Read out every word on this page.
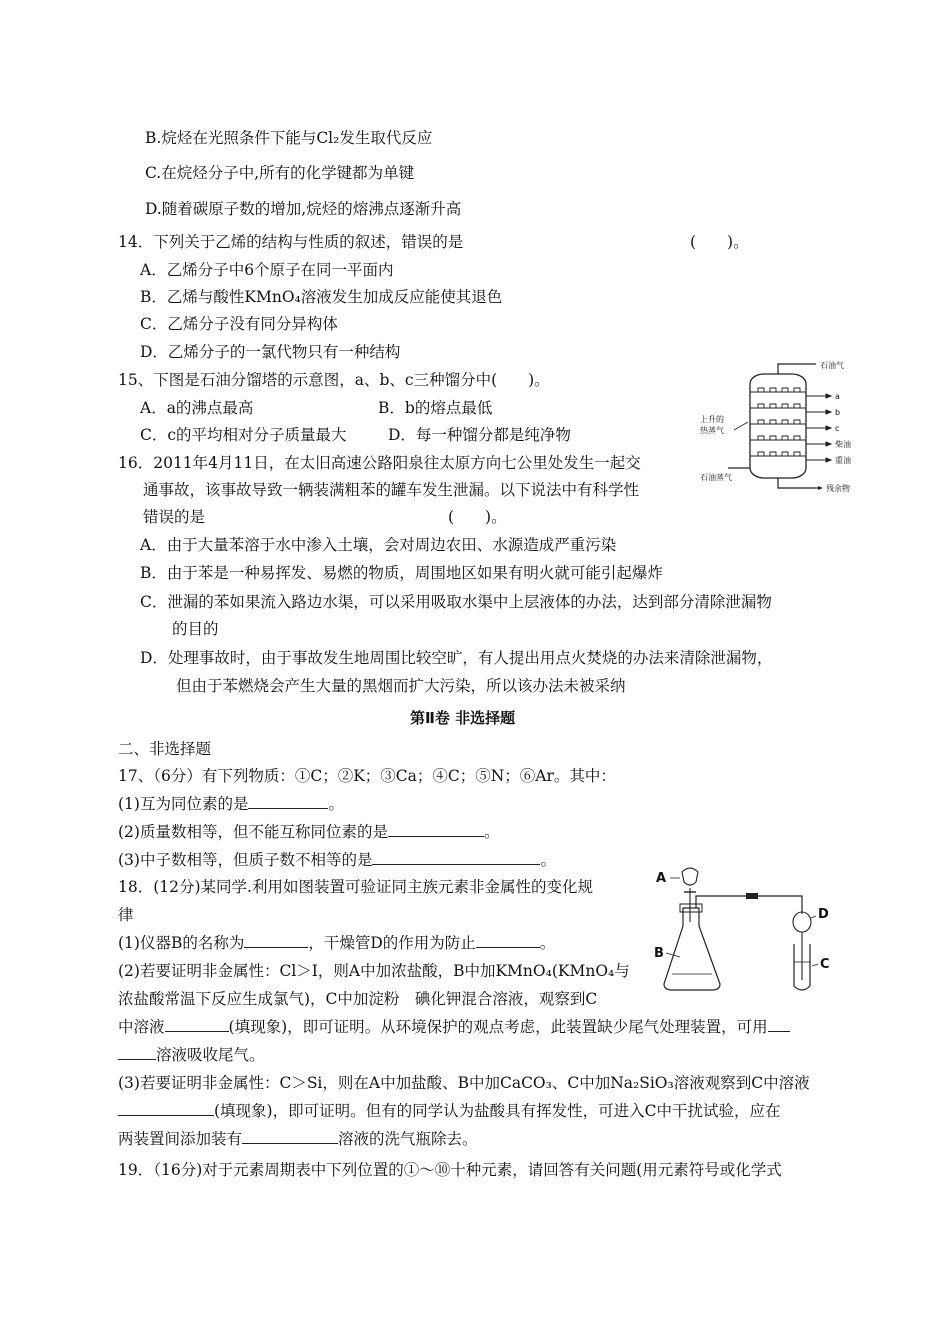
B.烷烃在光照条件下能与Cl₂发生取代反应
C.在烷烃分子中,所有的化学键都为单键
D.随着碳原子数的增加,烷烃的熔沸点逐渐升高
14．下列关于乙烯的结构与性质的叙述，错误的是	(　　)。
A．乙烯分子中6个原子在同一平面内
B．乙烯与酸性KMnO₄溶液发生加成反应能使其退色
C．乙烯分子没有同分异构体
D．乙烯分子的一氯代物只有一种结构
15、下图是石油分馏塔的示意图，a、b、c三种馏分中(　　)。
A．a的沸点最高	B．b的熔点最低
C．c的平均相对分子质量最大	D．每一种馏分都是纯净物
石油气
a
b
c
柴油
重油
上升的
热蒸气
石油蒸气
残余物
16．2011年4月11日，在太旧高速公路阳泉往太原方向七公里处发生一起交
通事故，该事故导致一辆装满粗苯的罐车发生泄漏。以下说法中有科学性
错误的是	(　　)。
A．由于大量苯溶于水中渗入土壤，会对周边农田、水源造成严重污染
B．由于苯是一种易挥发、易燃的物质，周围地区如果有明火就可能引起爆炸
C．泄漏的苯如果流入路边水渠，可以采用吸取水渠中上层液体的办法，达到部分清除泄漏物
的目的
D．处理事故时，由于事故发生地周围比较空旷，有人提出用点火焚烧的办法来清除泄漏物，
但由于苯燃烧会产生大量的黑烟而扩大污染，所以该办法未被采纳
第Ⅱ卷 非选择题
二、非选择题
17、（6分）有下列物质：①C；②K；③Ca；④C；⑤N；⑥Ar。其中：
(1)互为同位素的是	。
(2)质量数相等，但不能互称同位素的是	。
(3)中子数相等，但质子数不相等的是	。
18．(12分)某同学.利用如图装置可验证同主族元素非金属性的变化规
律
(1)仪器B的名称为	，干燥管D的作用为防止	。
(2)若要证明非金属性：Cl＞I，则A中加浓盐酸，B中加KMnO₄(KMnO₄与
浓盐酸常温下反应生成氯气)，C中加淀粉　碘化钾混合溶液，观察到C
中溶液	(填现象)，即可证明。从环境保护的观点考虑，此装置缺少尾气处理装置，可用
溶液吸收尾气。
(3)若要证明非金属性：C＞Si，则在A中加盐酸、B中加CaCO₃、C中加Na₂SiO₃溶液观察到C中溶液
(填现象)，即可证明。但有的同学认为盐酸具有挥发性，可进入C中干扰试验，应在
两装置间添加装有	溶液的洗气瓶除去。
A
B
D
C
19．（16分)对于元素周期表中下列位置的①～⑩十种元素，请回答有关问题(用元素符号或化学式
